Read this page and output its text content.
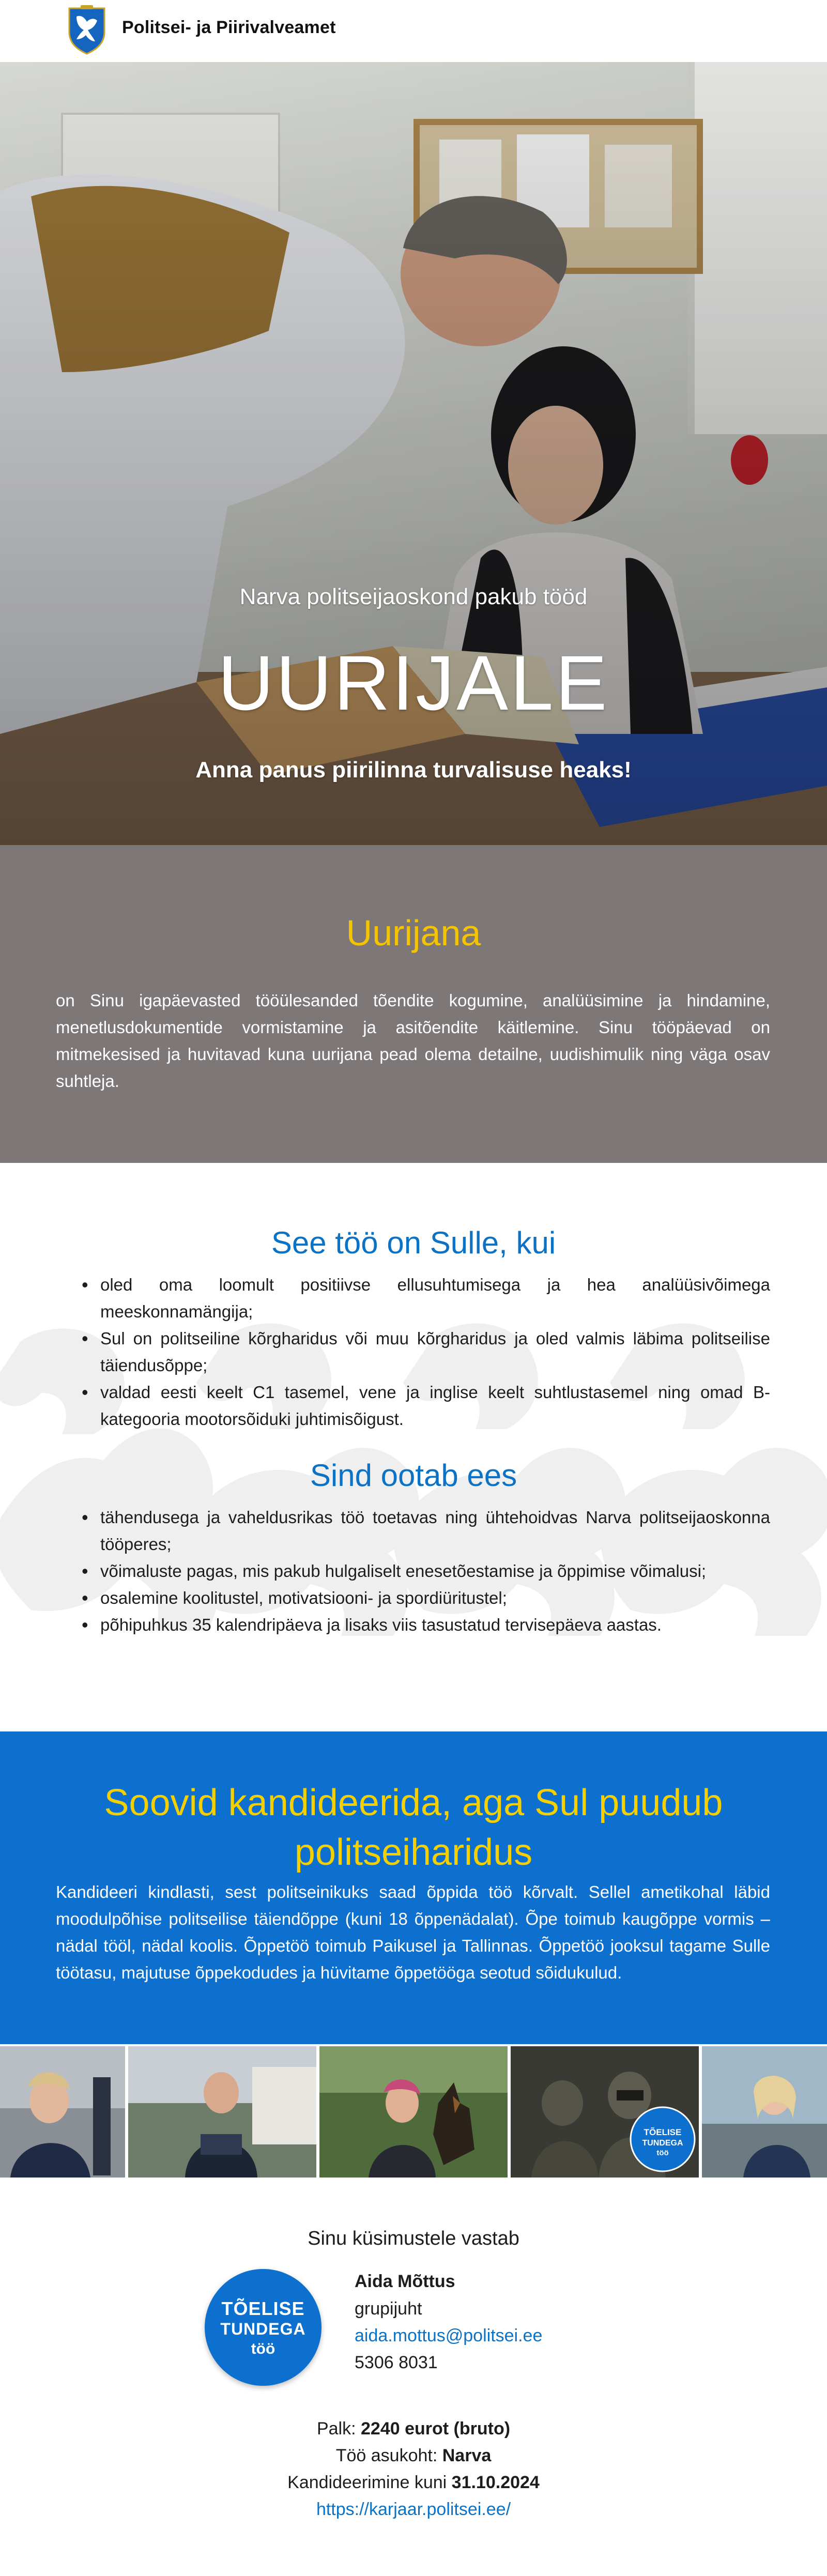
Politsei- ja Piirivalveamet
Narva politseijaoskond pakub tööd
UURIJALE
Anna panus piirilinna turvalisuse heaks!
Uurijana

on Sinu igapäevasted tööülesanded tõendite kogumine, analüüsimine ja hindamine, menetlusdokumentide vormistamine ja asitõendite käitlemine. Sinu tööpäevad on mitmekesised ja huvitavad kuna uurijana pead olema detailne, uudishimulik ning väga osav suhtleja.

See töö on Sulle, kui
• oled oma loomult positiivse ellusuhtumisega ja hea analüüsivõimega meeskonnamängija;
• Sul on politseiline kõrgharidus või muu kõrgharidus ja oled valmis läbima politseilise täiendusõppe;
• valdad eesti keelt C1 tasemel, vene ja inglise keelt suhtlustasemel ning omad B-kategooria mootorsõiduki juhtimisõigust.
Sind ootab ees
• tähendusega ja vaheldusrikas töö toetavas ning ühtehoidvas Narva politseijaoskonna tööperes;
• võimaluste pagas, mis pakub hulgaliselt enesetõestamise ja õppimise võimalusi;
• osalemine koolitustel, motivatsiooni- ja spordiüritustel;
• põhipuhkus 35 kalendripäeva ja lisaks viis tasustatud tervisepäeva aastas.
Soovid kandideerida, aga Sul puudub
politseiharidus

Kandideeri kindlasti, sest politseinikuks saad õppida töö kõrvalt. Sellel ametikohal läbid moodulpõhise politseilise täiendõppe (kuni 18 õppenädalat). Õpe toimub kaugõppe vormis – nädal tööl, nädal koolis. Õppetöö toimub Paikusel ja Tallinnas. Õppetöö jooksul tagame Sulle töötasu, majutuse õppekodudes ja hüvitame õppetööga seotud sõidukulud.

TÕELISE
TUNDEGA
töö
Sinu küsimustele vastab
TÕELISE
TUNDEGA
töö
Aida Mõttus
grupijuht
aida.mottus@politsei.ee
5306 8031
Palk: 2240 eurot (bruto)
Töö asukoht: Narva
Kandideerimine kuni 31.10.2024
https://karjaar.politsei.ee/
